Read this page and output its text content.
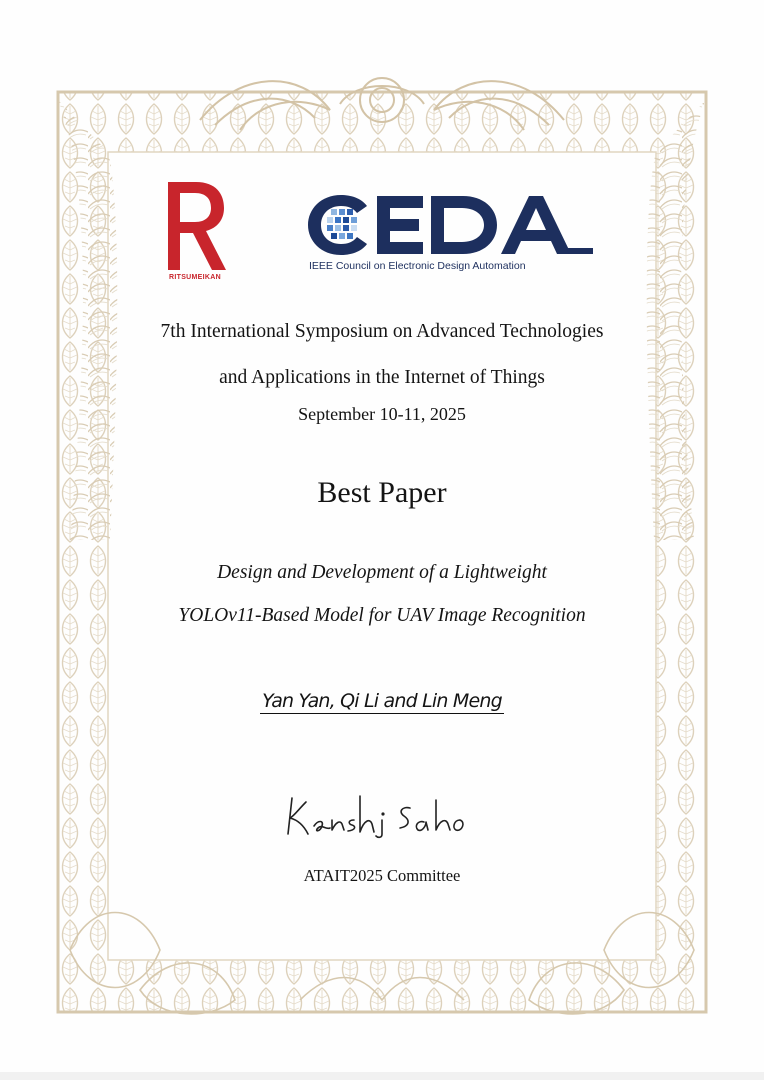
RITSUMEIKAN
IEEE Council on Electronic Design Automation
7th International Symposium on Advanced Technologies
and Applications in the Internet of Things
September 10-11, 2025
Best Paper
Design and Development of a Lightweight
YOLOv11-Based Model for UAV Image Recognition
Yan Yan, Qi Li and Lin Meng
ATAIT2025 Committee
